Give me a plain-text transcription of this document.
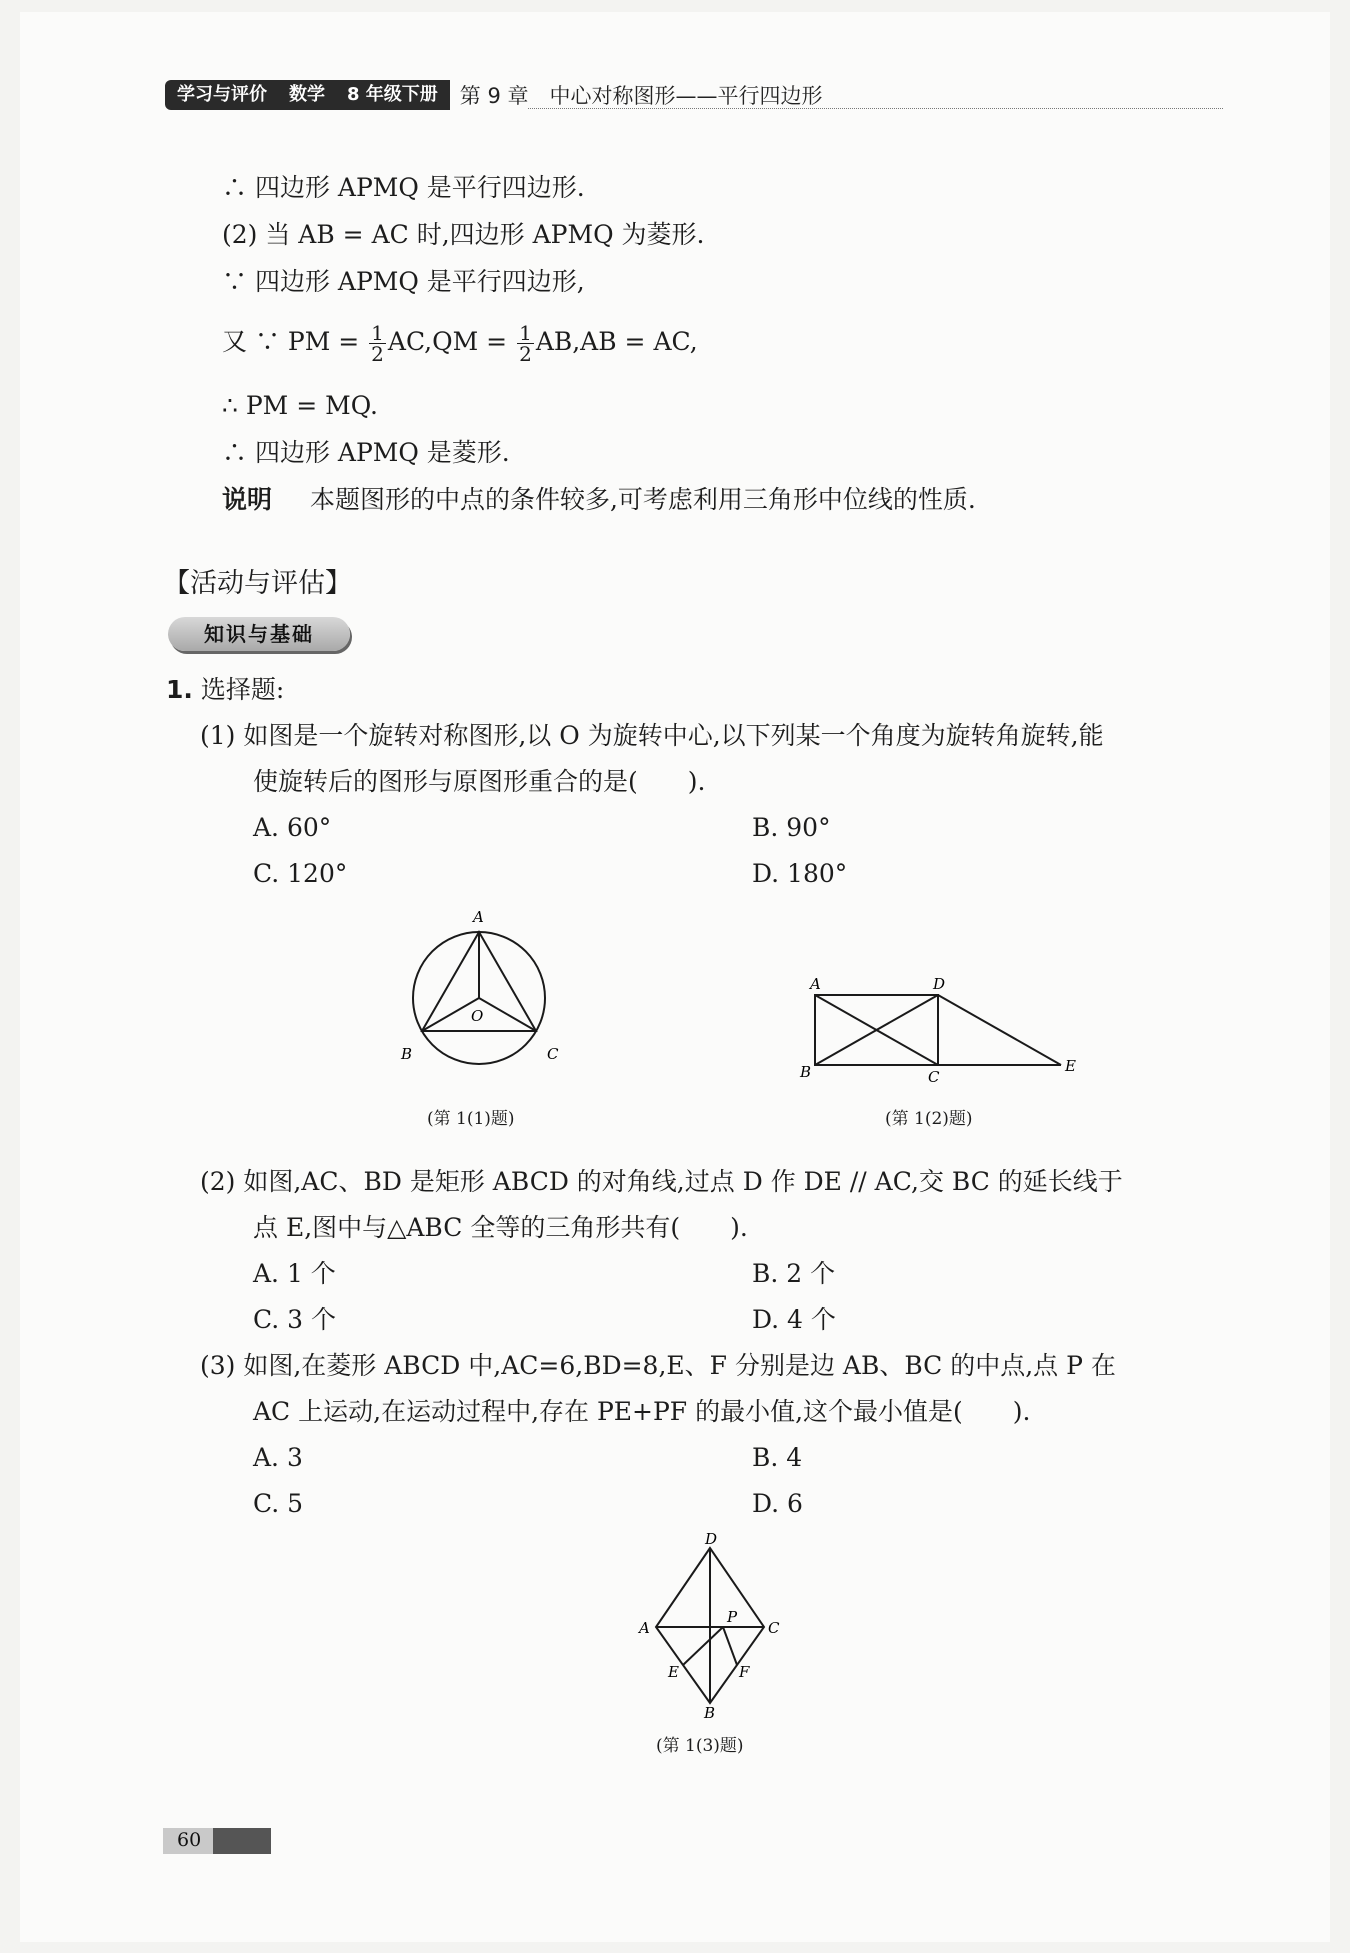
学习与评价 数学 8 年级下册	第 9 章　中心对称图形——平行四边形
∴ 四边形 APMQ 是平行四边形.
(2) 当 AB = AC 时,四边形 APMQ 为菱形.
∵ 四边形 APMQ 是平行四边形,
又 ∵ PM = $\frac{1}{2} AC,QM = \frac{1}{2} AB,AB$ = AC,
∴ PM = MQ.
∴ 四边形 APMQ 是菱形.
说明 本题图形的中点的条件较多,可考虑利用三角形中位线的性质.
【活动与评估】
知识与基础
1. 选择题:
(1) 如图是一个旋转对称图形,以 O 为旋转中心,以下列某一个角度为旋转角旋转,能
使旋转后的图形与原图形重合的是(　　).
A. 60°	B. 90°
C. 120°	D. 180°
A
B	C
O
(第 1(1)题)
A	D
B	C
E
(第 1(2)题)
(2) 如图,AC、BD 是矩形 ABCD 的对角线,过点 D 作 DE // AC,交 BC 的延长线于
点 E,图中与△ABC 全等的三角形共有(　　).
A. 1 个	B. 2 个
C. 3 个	D. 4 个
(3) 如图,在菱形 ABCD 中,AC=6,BD=8,E、F 分别是边 AB、BC 的中点,点 P 在
AC 上运动,在运动过程中,存在 PE+PF 的最小值,这个最小值是(　　).
A. 3	B. 4
C. 5	D. 6
D
A	C
P
E	F
B
(第 1(3)题)
60
